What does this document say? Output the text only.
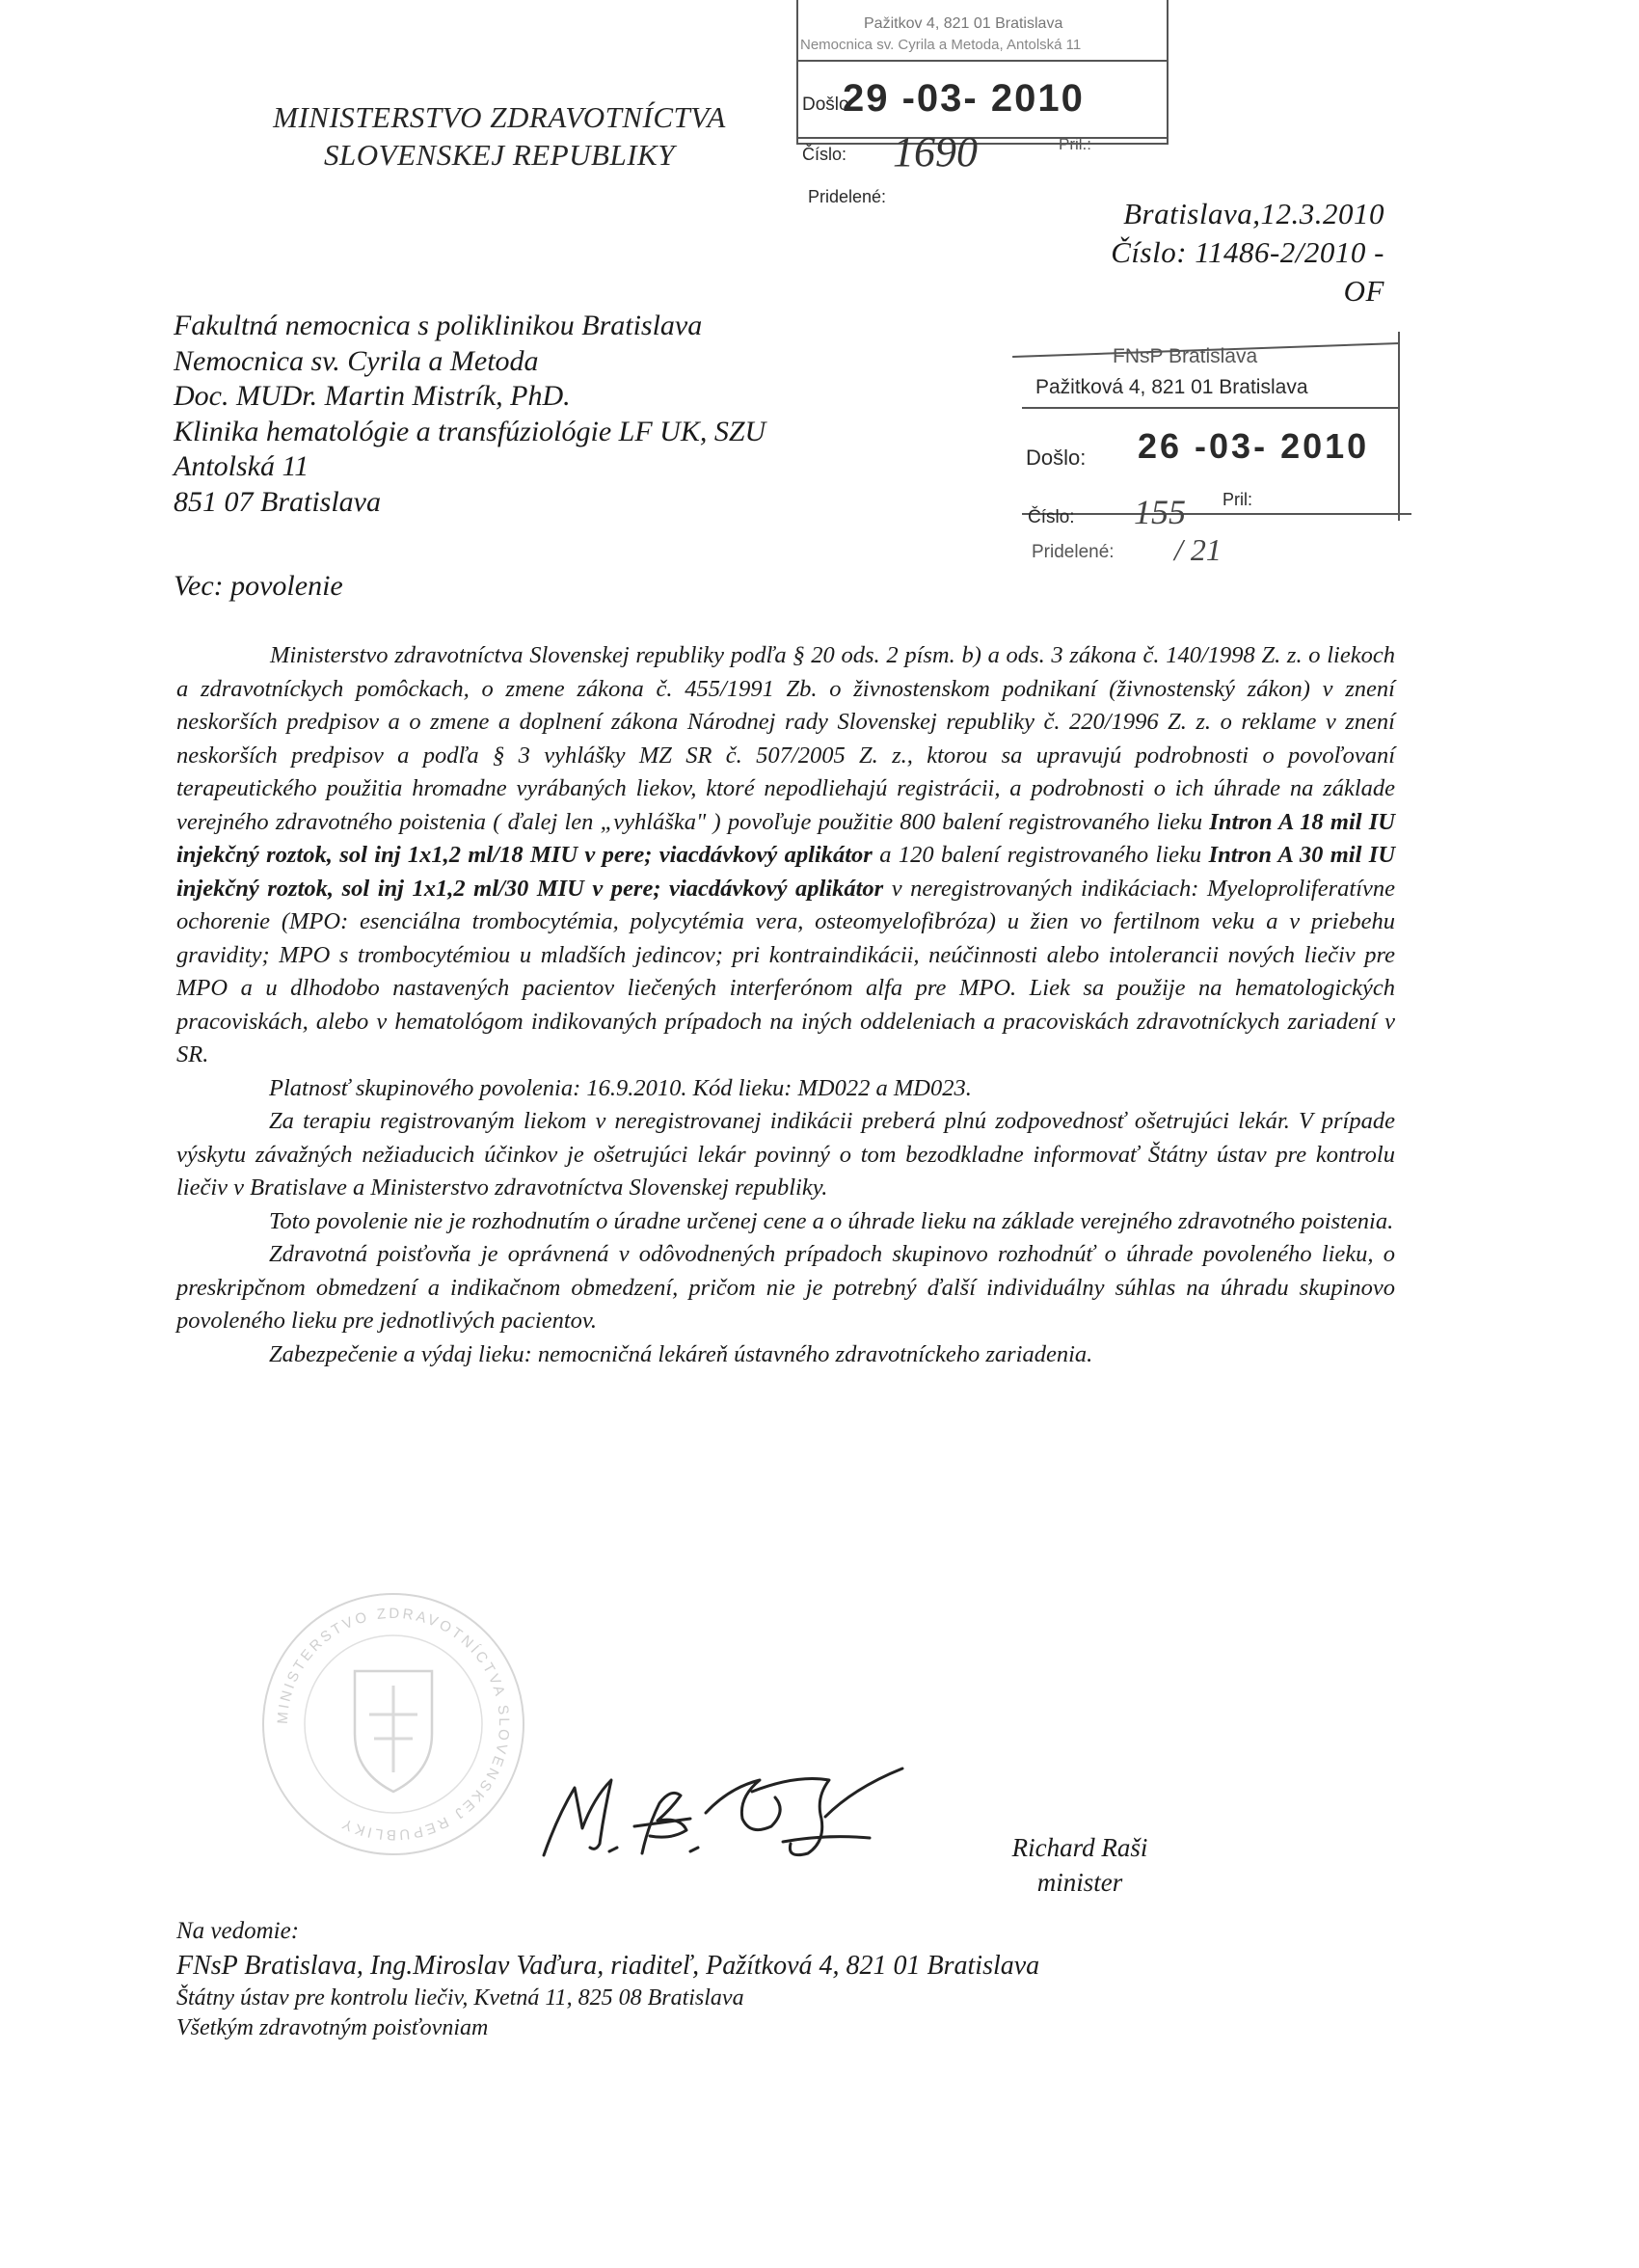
MINISTERSTVO ZDRAVOTNÍCTVA
SLOVENSKEJ REPUBLIKY
Pažitkov 4, 821 01 Bratislava
Nemocnica sv. Cyrila a Metoda, Antolská 11
Došlo:
29 -03- 2010
Číslo: 1690	Pril.:
Pridelené:	Bratislava,12.3.2010
Číslo: 11486-2/2010 - OF
Fakultná nemocnica s poliklinikou Bratislava
Nemocnica sv. Cyrila a Metoda
Doc. MUDr. Martin Mistrík, PhD.
Klinika hematológie a transfúziológie LF UK, SZU
Antolská 11
851 07 Bratislava
FNsP Bratislava
Pažitková 4, 821 01 Bratislava
Došlo: 26 -03- 2010
Číslo: 155 Pril:
Pridelené: / 21
Vec: povolenie

Ministerstvo zdravotníctva Slovenskej republiky podľa § 20 ods. 2 písm. b) a ods. 3 zákona č. 140/1998 Z. z. o liekoch a zdravotníckych pomôckach, o zmene zákona č. 455/1991 Zb. o živnostenskom podnikaní (živnostenský zákon) v znení neskorších predpisov a o zmene a doplnení zákona Národnej rady Slovenskej republiky č. 220/1996 Z. z. o reklame v znení neskorších predpisov a podľa § 3 vyhlášky MZ SR č. 507/2005 Z. z., ktorou sa upravujú podrobnosti o povoľovaní terapeutického použitia hromadne vyrábaných liekov, ktoré nepodliehajú registrácii, a podrobnosti o ich úhrade na základe verejného zdravotného poistenia ( ďalej len „vyhláška" ) povoľuje použitie 800 balení registrovaného lieku Intron A 18 mil IU injekčný roztok, sol inj 1x1,2 ml/18 MIU v pere; viacdávkový aplikátor a 120 balení registrovaného lieku Intron A 30 mil IU injekčný roztok, sol inj 1x1,2 ml/30 MIU v pere; viacdávkový aplikátor v neregistrovaných indikáciach: Myeloproliferatívne ochorenie (MPO: esenciálna trombocytémia, polycytémia vera, osteomyelofibróza) u žien vo fertilnom veku a v priebehu gravidity; MPO s trombocytémiou u mladších jedincov; pri kontraindikácii, neúčinnosti alebo intolerancii nových liečiv pre MPO a u dlhodobo nastavených pacientov liečených interferónom alfa pre MPO. Liek sa použije na hematologických pracoviskách, alebo v hematológom indikovaných prípadoch na iných oddeleniach a pracoviskách zdravotníckych zariadení v SR.

Platnosť skupinového povolenia: 16.9.2010. Kód lieku: MD022 a MD023.

Za terapiu registrovaným liekom v neregistrovanej indikácii preberá plnú zodpovednosť ošetrujúci lekár. V prípade výskytu závažných nežiaducich účinkov je ošetrujúci lekár povinný o tom bezodkladne informovať Štátny ústav pre kontrolu liečiv v Bratislave a Ministerstvo zdravotníctva Slovenskej republiky.

Toto povolenie nie je rozhodnutím o úradne určenej cene a o úhrade lieku na základe verejného zdravotného poistenia.

Zdravotná poisťovňa je oprávnená v odôvodnených prípadoch skupinovo rozhodnúť o úhrade povoleného lieku, o preskripčnom obmedzení a indikačnom obmedzení, pričom nie je potrebný ďalší individuálny súhlas na úhradu skupinovo povoleného lieku pre jednotlivých pacientov.

Zabezpečenie a výdaj lieku: nemocničná lekáreň ústavného zdravotníckeho zariadenia.

MINISTERSTVO ZDRAVOTNÍCTVA SLOVENSKEJ REPUBLIKY
Richard Raši
minister
Na vedomie:
FNsP Bratislava, Ing.Miroslav Vaďura, riaditeľ, Pažítková 4, 821 01 Bratislava
Štátny ústav pre kontrolu liečiv, Kvetná 11, 825 08 Bratislava
Všetkým zdravotným poisťovniam
